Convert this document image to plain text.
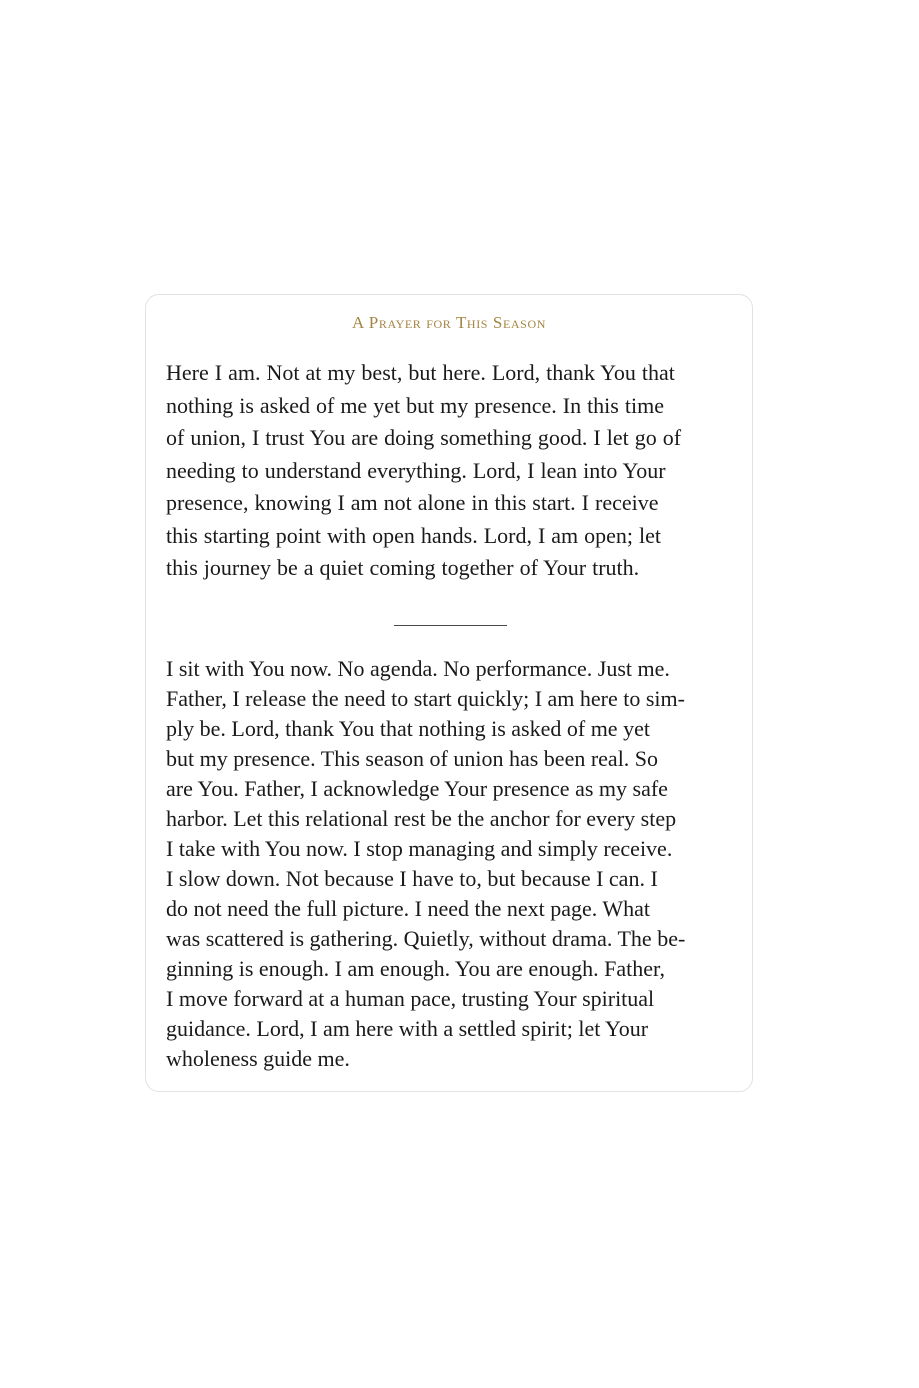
A Prayer for This Season
Here I am. Not at my best, but here. Lord, thank You that
nothing is asked of me yet but my presence. In this time
of union, I trust You are doing something good. I let go of
needing to understand everything. Lord, I lean into Your
presence, knowing I am not alone in this start. I receive
this starting point with open hands. Lord, I am open; let
this journey be a quiet coming together of Your truth.
I sit with You now. No agenda. No performance. Just me.
Father, I release the need to start quickly; I am here to sim-
ply be. Lord, thank You that nothing is asked of me yet
but my presence. This season of union has been real. So
are You. Father, I acknowledge Your presence as my safe
harbor. Let this relational rest be the anchor for every step
I take with You now. I stop managing and simply receive.
I slow down. Not because I have to, but because I can. I
do not need the full picture. I need the next page. What
was scattered is gathering. Quietly, without drama. The be-
ginning is enough. I am enough. You are enough. Father,
I move forward at a human pace, trusting Your spiritual
guidance. Lord, I am here with a settled spirit; let Your
wholeness guide me.
